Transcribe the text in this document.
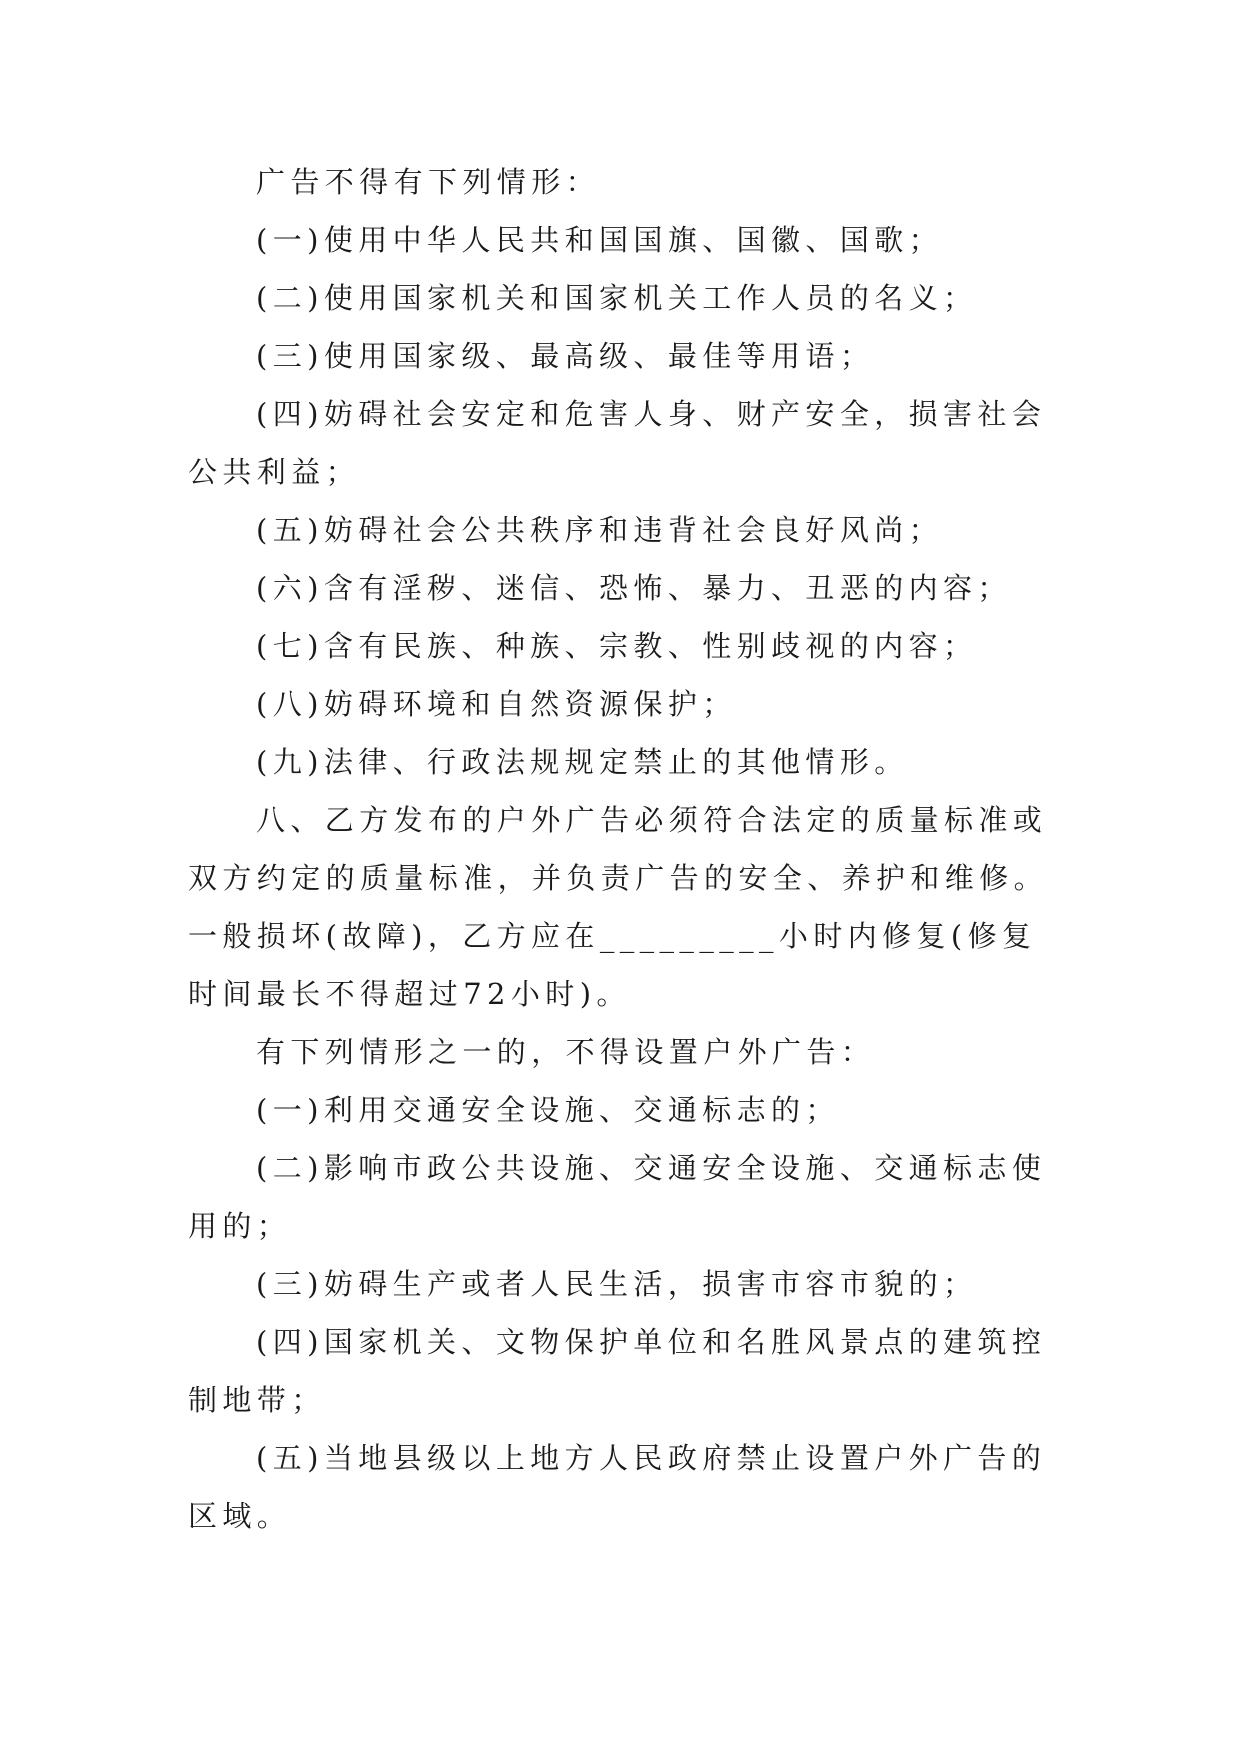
广告不得有下列情形：

(一)使用中华人民共和国国旗、国徽、国歌；

(二)使用国家机关和国家机关工作人员的名义；

(三)使用国家级、最高级、最佳等用语；

(四)妨碍社会安定和危害人身、财产安全，损害社会公共利益；

(五)妨碍社会公共秩序和违背社会良好风尚；

(六)含有淫秽、迷信、恐怖、暴力、丑恶的内容；

(七)含有民族、种族、宗教、性别歧视的内容；

(八)妨碍环境和自然资源保护；

(九)法律、行政法规规定禁止的其他情形。

八、乙方发布的户外广告必须符合法定的质量标准或双方约定的质量标准，并负责广告的安全、养护和维修。一般损坏(故障)，乙方应在_________小时内修复(修复时间最长不得超过72小时)。

有下列情形之一的，不得设置户外广告：

(一)利用交通安全设施、交通标志的；

(二)影响市政公共设施、交通安全设施、交通标志使用的；

(三)妨碍生产或者人民生活，损害市容市貌的；

(四)国家机关、文物保护单位和名胜风景点的建筑控制地带；

(五)当地县级以上地方人民政府禁止设置户外广告的区域。
